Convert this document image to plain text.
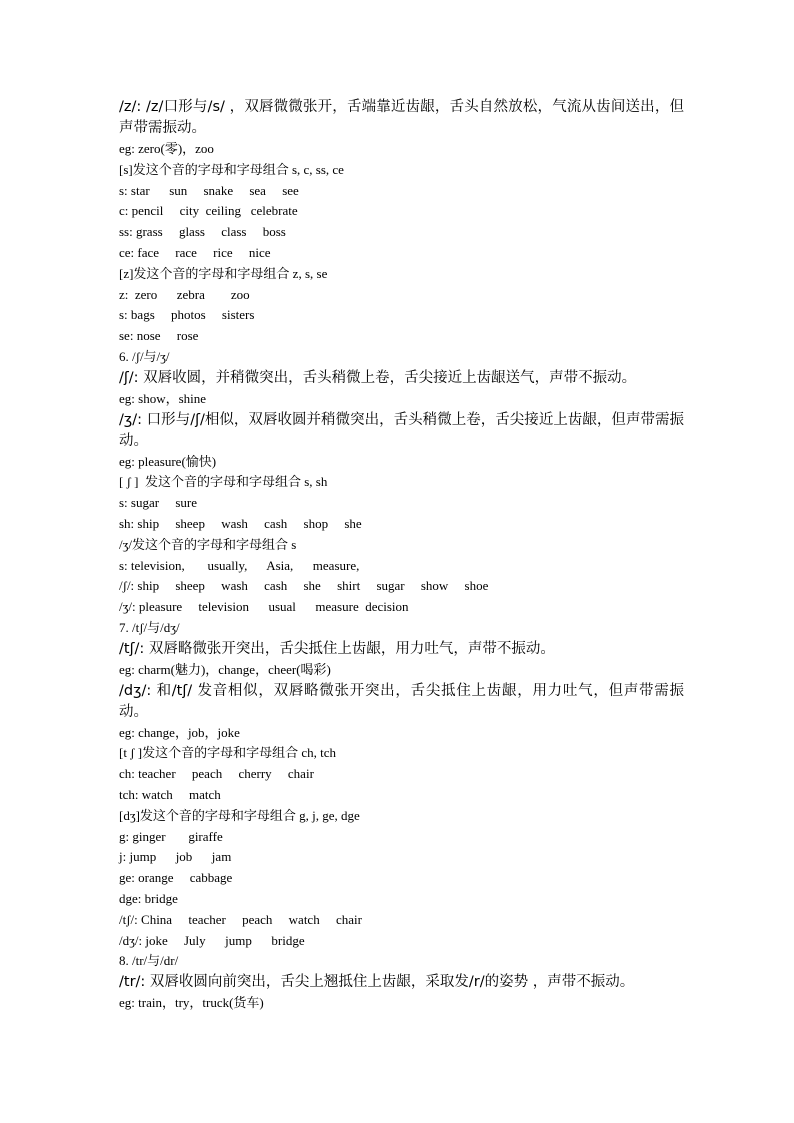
/z/: /z/口形与/s/ ，双唇微微张开，舌端靠近齿龈，舌头自然放松，气流从齿间送出，但声带需振动。
eg: zero(零)，zoo
[s]发这个音的字母和字母组合 s, c, ss, ce
s: star      sun     snake     sea     see
c: pencil     city  ceiling   celebrate
ss: grass     glass     class     boss
ce: face     race     rice     nice
[z]发这个音的字母和字母组合 z, s, se
z:  zero      zebra        zoo
s: bags     photos     sisters
se: nose     rose
6. /ʃ/与/ʒ/
/ʃ/: 双唇收圆，并稍微突出，舌头稍微上卷，舌尖接近上齿龈送气，声带不振动。
eg: show，shine
/ʒ/: 口形与/ʃ/相似，双唇收圆并稍微突出，舌头稍微上卷，舌尖接近上齿龈，但声带需振动。
eg: pleasure(愉快)
[ ʃ ]  发这个音的字母和字母组合 s, sh
s: sugar     sure
sh: ship     sheep     wash     cash     shop     she
/ʒ/发这个音的字母和字母组合 s
s: television,       usually,      Asia,      measure,
/ʃ/: ship     sheep     wash     cash     she     shirt     sugar     show     shoe
/ʒ/: pleasure     television      usual      measure  decision
7. /tʃ/与/dʒ/
/tʃ/: 双唇略微张开突出，舌尖抵住上齿龈，用力吐气，声带不振动。
eg: charm(魅力)，change，cheer(喝彩)
/dʒ/: 和/tʃ/ 发音相似，双唇略微张开突出，舌尖抵住上齿龈，用力吐气，但声带需振动。
eg: change，job，joke
[t ʃ ]发这个音的字母和字母组合 ch, tch
ch: teacher     peach     cherry     chair
tch: watch     match
[dʒ]发这个音的字母和字母组合 g, j, ge, dge
g: ginger       giraffe
j: jump      job      jam
ge: orange     cabbage
dge: bridge
/tʃ/: China     teacher     peach     watch     chair
/dʒ/: joke     July      jump      bridge
8. /tr/与/dr/
/tr/: 双唇收圆向前突出，舌尖上翘抵住上齿龈，采取发/r/的姿势 ，声带不振动。
eg: train，try，truck(货车)
